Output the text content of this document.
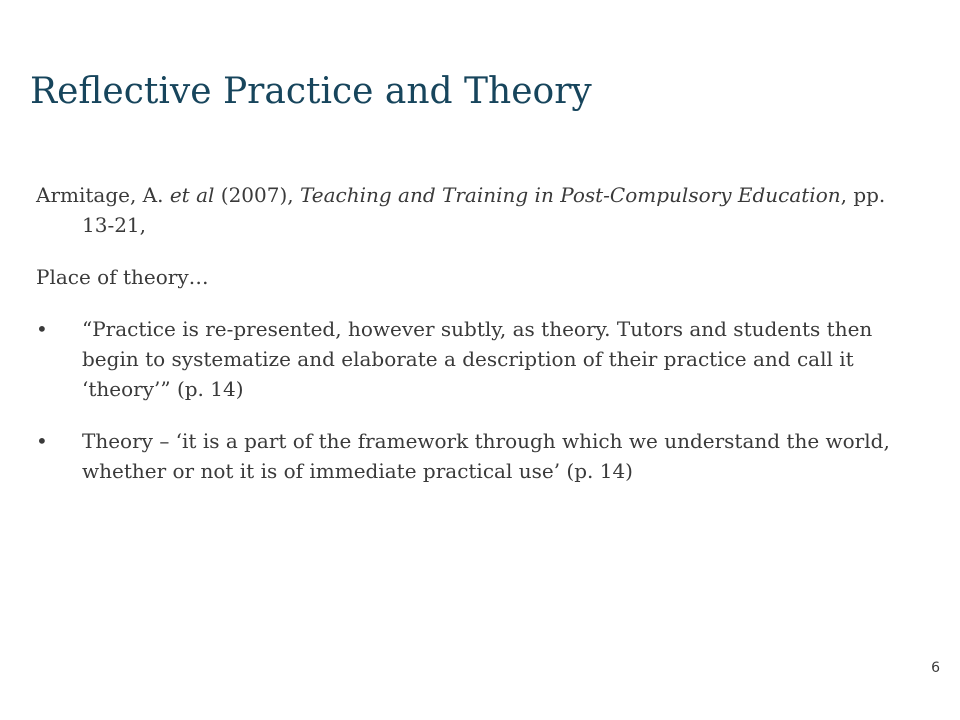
Reflective Practice and Theory

Armitage, A. et al (2007), Teaching and Training in Post-Compulsory Education, pp. 13-21,

Place of theory…

•	“Practice is re-presented, however subtly, as theory. Tutors and students then begin to systematize and elaborate a description of their practice and call it ‘theory’” (p. 14)
•	Theory – ‘it is a part of the framework through which we understand the world, whether or not it is of immediate practical use’ (p. 14)
6
